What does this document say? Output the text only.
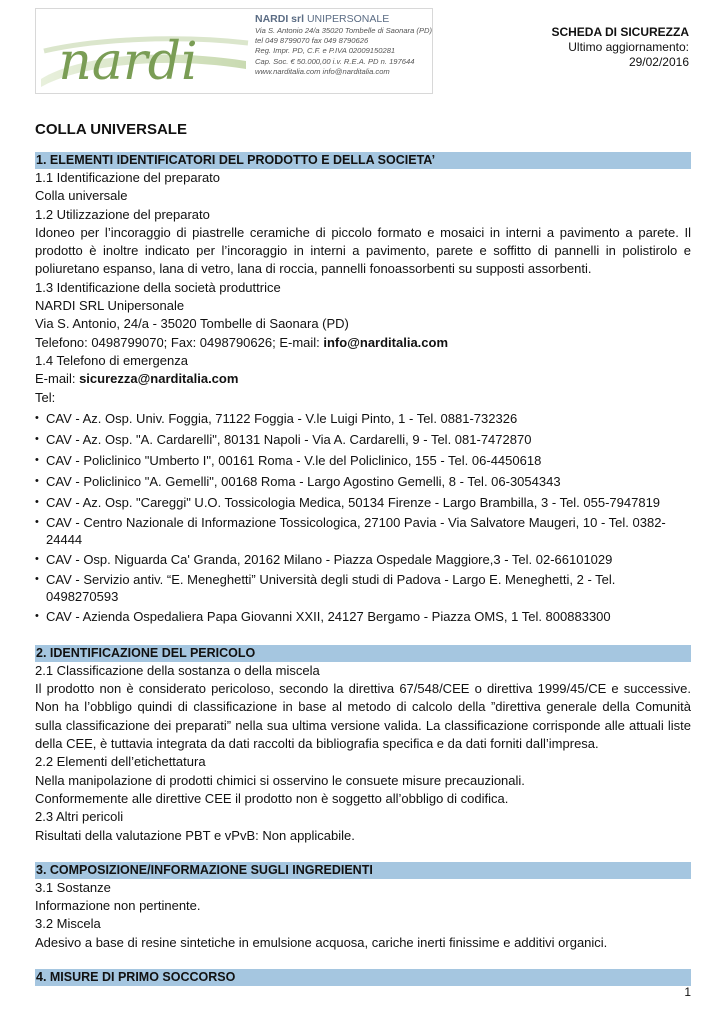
nardi
NARDI srl UNIPERSONALE
Via S. Antonio 24/a 35020 Tombelle di Saonara (PD)
tel 049 8799070 fax 049 8790626
Reg. Impr. PD, C.F. e P.IVA 02009150281
Cap. Soc. € 50.000,00 i.v. R.E.A. PD n. 197644
www.narditalia.com info@narditalia.com
SCHEDA DI SICUREZZA
Ultimo aggiornamento:
29/02/2016
COLLA UNIVERSALE
1. ELEMENTI IDENTIFICATORI DEL PRODOTTO E DELLA SOCIETA’
1.1 Identificazione del preparato
Colla universale
1.2 Utilizzazione del preparato
Idoneo per l’incoraggio di piastrelle ceramiche di piccolo formato e mosaici in interni a pavimento a parete. Il prodotto è inoltre indicato per l’incoraggio in interni a pavimento, parete e soffitto di pannelli in polistirolo e poliuretano espanso, lana di vetro, lana di roccia, pannelli fonoassorbenti su supposti assorbenti.
1.3 Identificazione della società produttrice
NARDI SRL Unipersonale
Via S. Antonio, 24/a - 35020 Tombelle di Saonara (PD)
Telefono: 0498799070; Fax: 0498790626; E-mail: info@narditalia.com
1.4 Telefono di emergenza
E-mail: sicurezza@narditalia.com
Tel:
• CAV - Az. Osp. Univ. Foggia, 71122 Foggia - V.le Luigi Pinto, 1 - Tel. 0881-732326
• CAV - Az. Osp. "A. Cardarelli", 80131 Napoli - Via A. Cardarelli, 9 - Tel. 081-7472870
• CAV - Policlinico "Umberto I", 00161 Roma - V.le del Policlinico, 155 - Tel. 06-4450618
• CAV - Policlinico "A. Gemelli", 00168 Roma - Largo Agostino Gemelli, 8 - Tel. 06-3054343
• CAV - Az. Osp. "Careggi" U.O. Tossicologia Medica, 50134 Firenze - Largo Brambilla, 3 - Tel. 055-7947819
• CAV - Centro Nazionale di Informazione Tossicologica, 27100 Pavia - Via Salvatore Maugeri, 10 - Tel. 0382-24444
• CAV - Osp. Niguarda Ca' Granda, 20162 Milano - Piazza Ospedale Maggiore,3 - Tel. 02-66101029
• CAV - Servizio antiv. “E. Meneghetti” Università degli studi di Padova - Largo E. Meneghetti, 2 - Tel. 0498270593
• CAV - Azienda Ospedaliera Papa Giovanni XXII, 24127 Bergamo - Piazza OMS, 1 Tel. 800883300
2. IDENTIFICAZIONE DEL PERICOLO
2.1 Classificazione della sostanza o della miscela
Il prodotto non è considerato pericoloso, secondo la direttiva 67/548/CEE o direttiva 1999/45/CE e successive. Non ha l’obbligo quindi di classificazione in base al metodo di calcolo della ”direttiva generale della Comunità sulla classificazione dei preparati” nella sua ultima versione valida. La classificazione corrisponde alle attuali liste della CEE, è tuttavia integrata da dati raccolti da bibliografia specifica e da dati forniti dall’impresa.
2.2 Elementi dell’etichettatura
Nella manipolazione di prodotti chimici si osservino le consuete misure precauzionali.
Conformemente alle direttive CEE il prodotto non è soggetto all’obbligo di codifica.
2.3 Altri pericoli
Risultati della valutazione PBT e vPvB: Non applicabile.
3. COMPOSIZIONE/INFORMAZIONE SUGLI INGREDIENTI
3.1 Sostanze
Informazione non pertinente.
3.2 Miscela
Adesivo a base di resine sintetiche in emulsione acquosa, cariche inerti finissime e additivi organici.
4. MISURE DI PRIMO SOCCORSO
1
